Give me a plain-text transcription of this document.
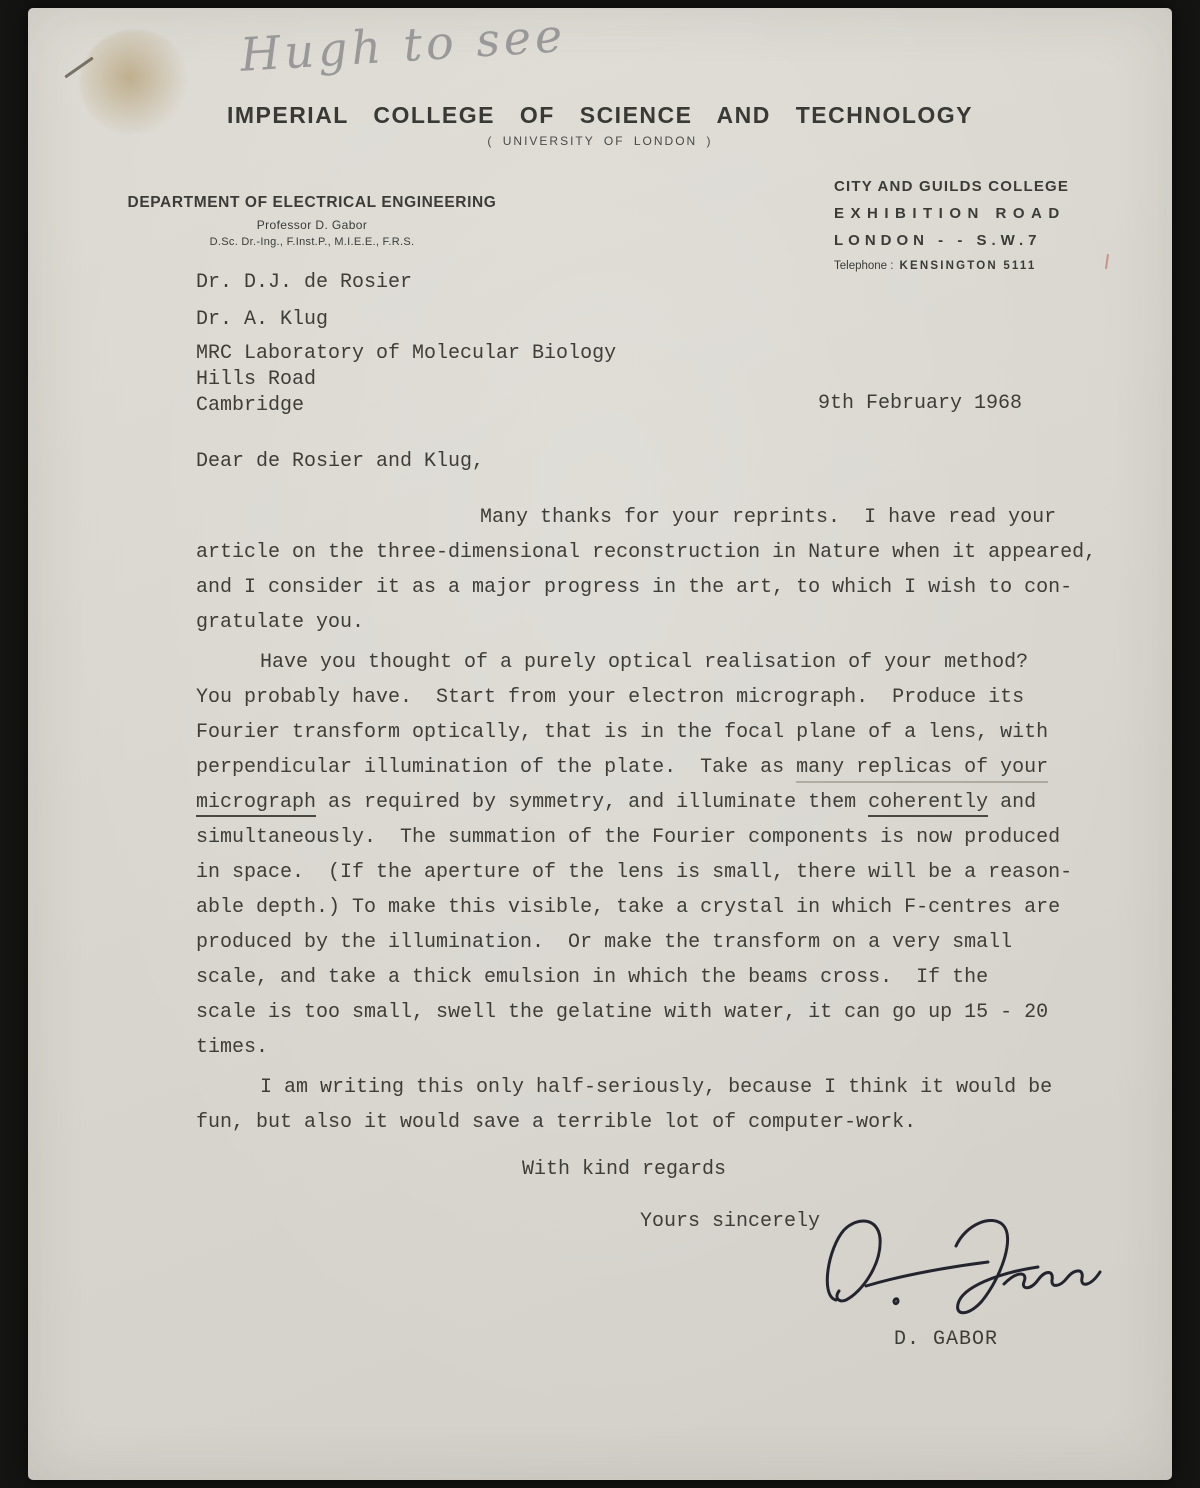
Hugh to see
IMPERIAL COLLEGE OF SCIENCE AND TECHNOLOGY
( UNIVERSITY OF LONDON )
DEPARTMENT OF ELECTRICAL ENGINEERING
Professor D. Gabor
D.Sc. Dr.-Ing., F.Inst.P., M.I.E.E., F.R.S.
CITY AND GUILDS COLLEGE
EXHIBITION ROAD
LONDON - - S.W.7
Telephone : KENSINGTON 5111
Dr. D.J. de Rosier
Dr. A. Klug
MRC Laboratory of Molecular Biology
Hills Road
Cambridge	9th February 1968
Dear de Rosier and Klug,
Many thanks for your reprints.  I have read your
article on the three-dimensional reconstruction in Nature when it appeared,
and I consider it as a major progress in the art, to which I wish to con-
gratulate you.
Have you thought of a purely optical realisation of your method?
You probably have.  Start from your electron micrograph.  Produce its
Fourier transform optically, that is in the focal plane of a lens, with
perpendicular illumination of the plate.  Take as many replicas of your
micrograph as required by symmetry, and illuminate them coherently and
simultaneously.  The summation of the Fourier components is now produced
in space.  (If the aperture of the lens is small, there will be a reason-
able depth.) To make this visible, take a crystal in which F-centres are
produced by the illumination.  Or make the transform on a very small
scale, and take a thick emulsion in which the beams cross.  If the
scale is too small, swell the gelatine with water, it can go up 15 - 20
times.
I am writing this only half-seriously, because I think it would be
fun, but also it would save a terrible lot of computer-work.
With kind regards
Yours sincerely
D. GABOR
